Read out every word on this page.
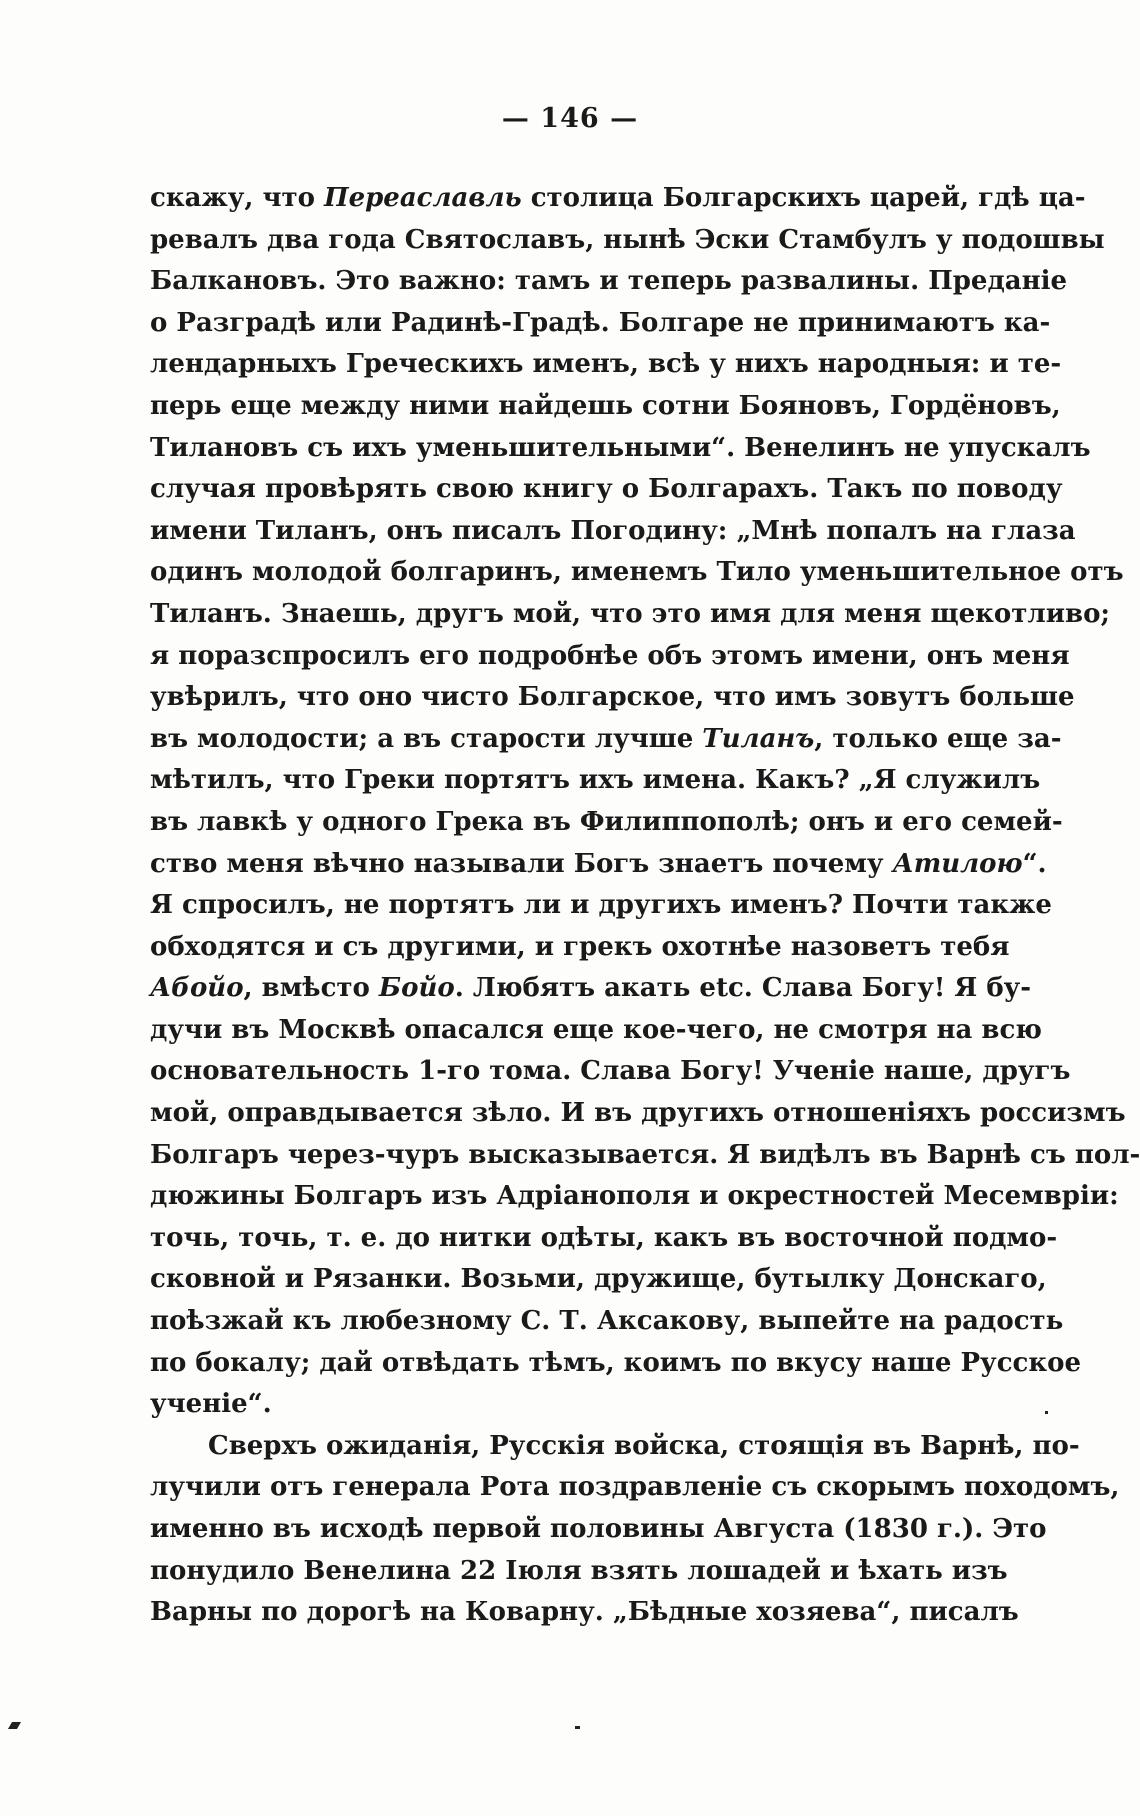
— 146 —
скажу, что Переаславль столица Болгарскихъ царей, гдѣ ца-
ревалъ два года Святославъ, нынѣ Эски Стамбулъ у подошвы
Балкановъ. Это важно: тамъ и теперь развалины. Преданіе
о Разградѣ или Радинѣ-Градѣ. Болгаре не принимаютъ ка-
лендарныхъ Греческихъ именъ, всѣ у нихъ народныя: и те-
перь еще между ними найдешь сотни Бояновъ, Гордёновъ,
Тилановъ съ ихъ уменьшительными“. Венелинъ не упускалъ
случая провѣрять свою книгу о Болгарахъ. Такъ по поводу
имени Тиланъ, онъ писалъ Погодину: „Мнѣ попалъ на глаза
одинъ молодой болгаринъ, именемъ Тило уменьшительное отъ
Тиланъ. Знаешь, другъ мой, что это имя для меня щекотливо;
я поразспросилъ его подробнѣе объ этомъ имени, онъ меня
увѣрилъ, что оно чисто Болгарское, что имъ зовутъ больше
въ молодости; а въ старости лучше Тиланъ, только еще за-
мѣтилъ, что Греки портятъ ихъ имена. Какъ? „Я служилъ
въ лавкѣ у одного Грека въ Филиппополѣ; онъ и его семей-
ство меня вѣчно называли Богъ знаетъ почему Атилою“.
Я спросилъ, не портятъ ли и другихъ именъ? Почти также
обходятся и съ другими, и грекъ охотнѣе назоветъ тебя
Абойо, вмѣсто Бойо. Любятъ акать etc. Слава Богу! Я бу-
дучи въ Москвѣ опасался еще кое-чего, не смотря на всю
основательность 1-го тома. Слава Богу! Ученіе наше, другъ
мой, оправдывается зѣло. И въ другихъ отношеніяхъ россизмъ
Болгаръ через-чуръ высказывается. Я видѣлъ въ Варнѣ съ пол-
дюжины Болгаръ изъ Адріанополя и окрестностей Месемвріи:
точь, точь, т. е. до нитки одѣты, какъ въ восточной подмо-
сковной и Рязанки. Возьми, дружище, бутылку Донскаго,
поѣзжай къ любезному С. Т. Аксакову, выпейте на радость
по бокалу; дай отвѣдать тѣмъ, коимъ по вкусу наше Русское
ученіе“.
Сверхъ ожиданія, Русскія войска, стоящія въ Варнѣ, по-
лучили отъ генерала Рота поздравленіе съ скорымъ походомъ,
именно въ исходѣ первой половины Августа (1830 г.). Это
понудило Венелина 22 Іюля взять лошадей и ѣхать изъ
Варны по дорогѣ на Коварну. „Бѣдные хозяева“, писалъ
